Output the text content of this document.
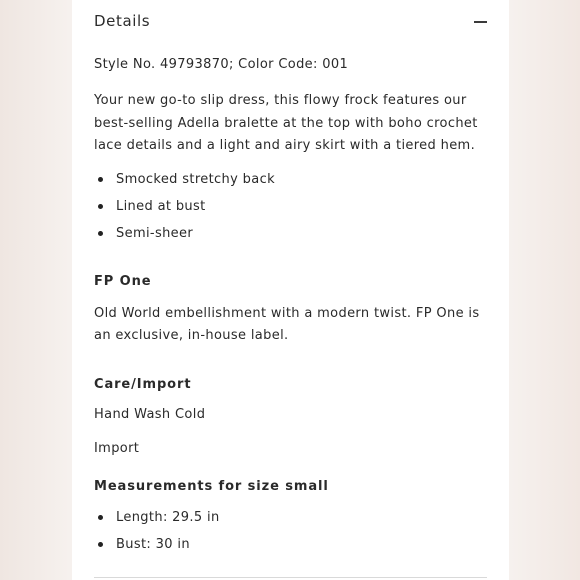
Details

Style No. 49793870; Color Code: 001

Your new go-to slip dress, this flowy frock features our best-selling Adella bralette at the top with boho crochet lace details and a light and airy skirt with a tiered hem.

Smocked stretchy back
Lined at bust
Semi-sheer
FP One

Old World embellishment with a modern twist. FP One is an exclusive, in-house label.

Care/Import

Hand Wash Cold

Import

Measurements for size small
Length: 29.5 in
Bust: 30 in
